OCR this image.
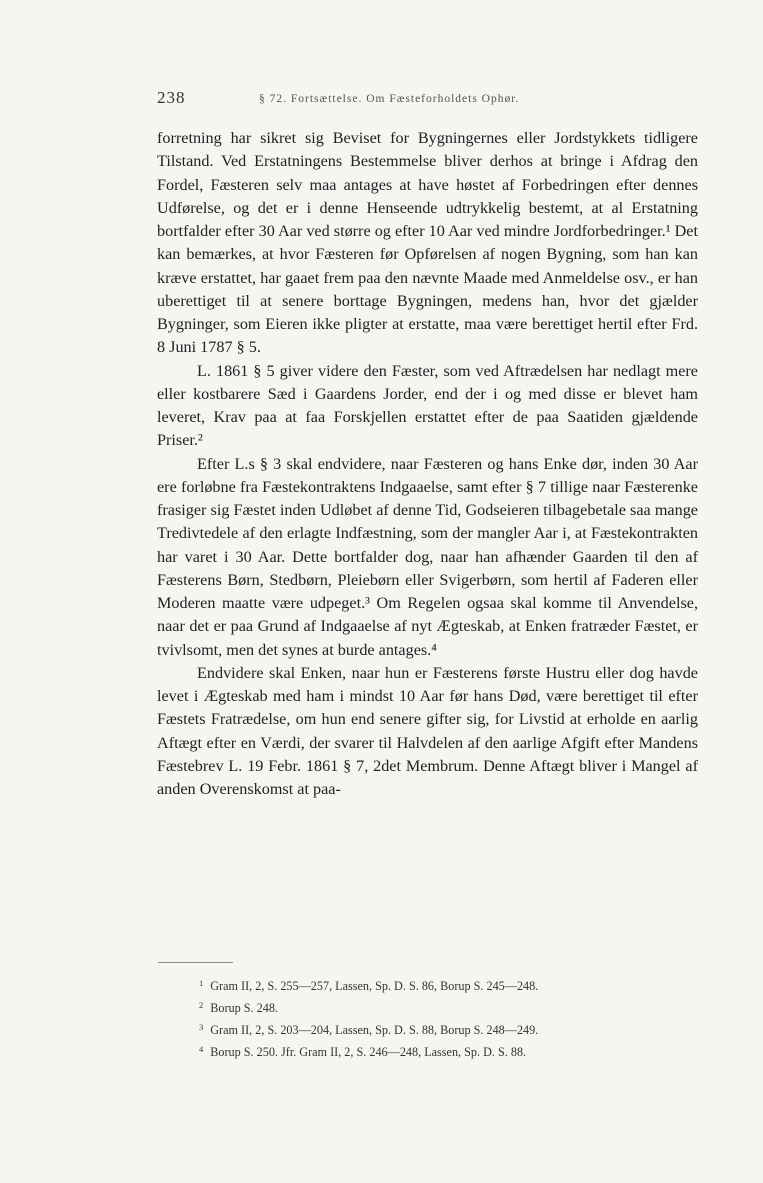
238	§ 72. Fortsættelse. Om Fæsteforholdets Ophør.

forretning har sikret sig Beviset for Bygningernes eller Jordstykkets tidligere Tilstand. Ved Erstatningens Bestemmelse bliver derhos at bringe i Afdrag den Fordel, Fæsteren selv maa antages at have høstet af Forbedringen efter dennes Udførelse, og det er i denne Henseende udtrykkelig bestemt, at al Erstatning bortfalder efter 30 Aar ved større og efter 10 Aar ved mindre Jordforbedringer.¹ Det kan bemærkes, at hvor Fæsteren før Opførelsen af nogen Bygning, som han kan kræve erstattet, har gaaet frem paa den nævnte Maade med Anmeldelse osv., er han uberettiget til at senere borttage Bygningen, medens han, hvor det gjælder Bygninger, som Eieren ikke pligter at erstatte, maa være berettiget hertil efter Frd. 8 Juni 1787 § 5.

L. 1861 § 5 giver videre den Fæster, som ved Aftrædelsen har nedlagt mere eller kostbarere Sæd i Gaardens Jorder, end der i og med disse er blevet ham leveret, Krav paa at faa Forskjellen erstattet efter de paa Saatiden gjældende Priser.²

Efter L.s § 3 skal endvidere, naar Fæsteren og hans Enke dør, inden 30 Aar ere forløbne fra Fæstekontraktens Indgaaelse, samt efter § 7 tillige naar Fæsterenke frasiger sig Fæstet inden Udløbet af denne Tid, Godseieren tilbagebetale saa mange Tredivtedele af den erlagte Indfæstning, som der mangler Aar i, at Fæstekontrakten har varet i 30 Aar. Dette bortfalder dog, naar han afhænder Gaarden til den af Fæsterens Børn, Stedbørn, Pleiebørn eller Svigerbørn, som hertil af Faderen eller Moderen maatte være udpeget.³ Om Regelen ogsaa skal komme til Anvendelse, naar det er paa Grund af Indgaaelse af nyt Ægteskab, at Enken fratræder Fæstet, er tvivlsomt, men det synes at burde antages.⁴

Endvidere skal Enken, naar hun er Fæsterens første Hustru eller dog havde levet i Ægteskab med ham i mindst 10 Aar før hans Død, være berettiget til efter Fæstets Fratrædelse, om hun end senere gifter sig, for Livstid at erholde en aarlig Aftægt efter en Værdi, der svarer til Halvdelen af den aarlige Afgift efter Mandens Fæstebrev L. 19 Febr. 1861 § 7, 2det Membrum. Denne Aftægt bliver i Mangel af anden Overenskomst at paa-

$^1$ Gram II, 2, S. 255—257, Lassen, Sp. D. S. 86, Borup S. 245—248.
$^2$ Borup S. 248.
$^3$ Gram II, 2, S. 203—204, Lassen, Sp. D. S. 88, Borup S. 248—249.
$^4$ Borup S. 250. Jfr. Gram II, 2, S. 246—248, Lassen, Sp. D. S. 88.
